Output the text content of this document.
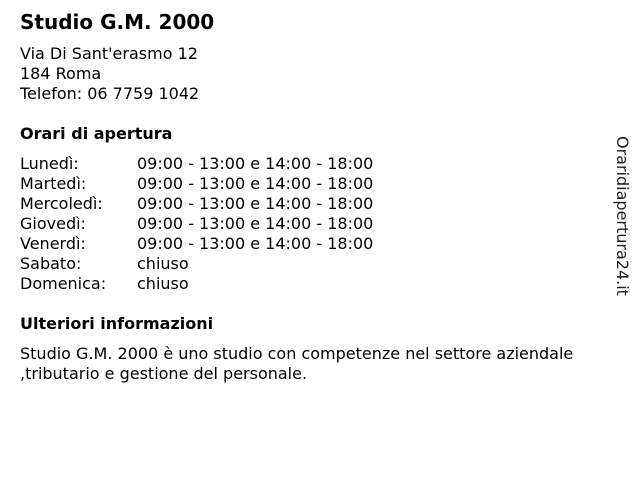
Studio G.M. 2000
Via Di Sant'erasmo 12
184 Roma
Telefon: 06 7759 1042
Orari di apertura
Lunedì:	09:00 - 13:00 e 14:00 - 18:00
Martedì:	09:00 - 13:00 e 14:00 - 18:00
Mercoledì:	09:00 - 13:00 e 14:00 - 18:00
Giovedì:	09:00 - 13:00 e 14:00 - 18:00
Venerdì:	09:00 - 13:00 e 14:00 - 18:00
Sabato:	chiuso
Domenica:	chiuso
Ulteriori informazioni

Studio G.M. 2000 è uno studio con competenze nel settore aziendale ,tributario e gestione del personale.

Oraridiapertura24.it
